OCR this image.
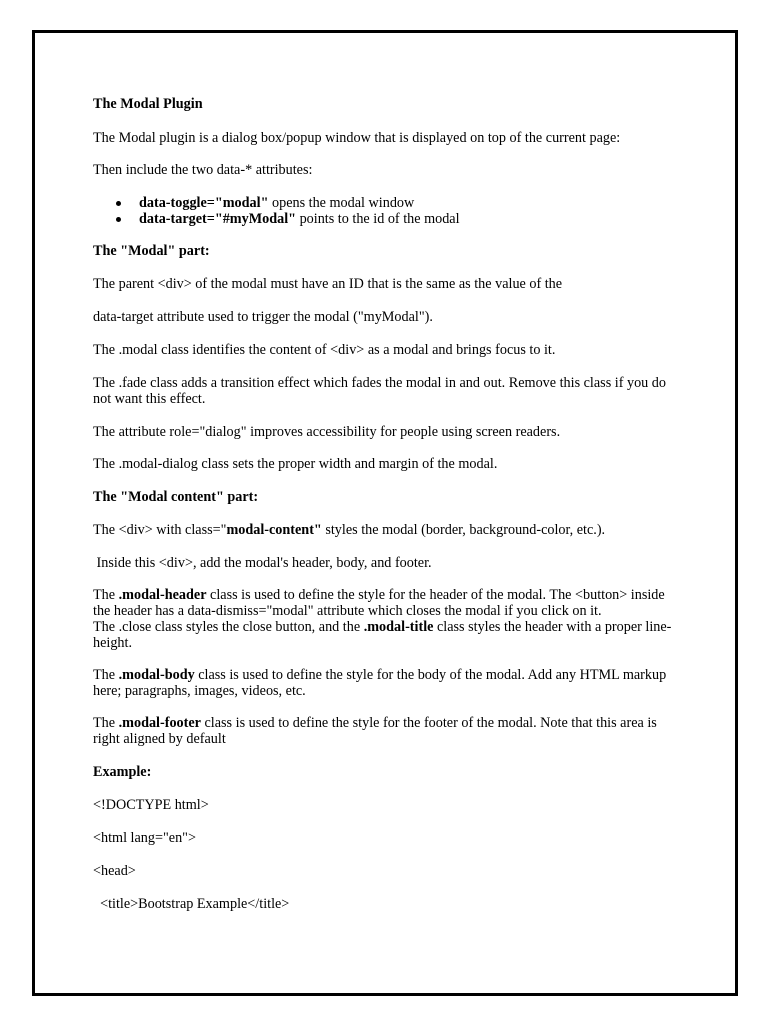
The Modal Plugin
The Modal plugin is a dialog box/popup window that is displayed on top of the current page:
Then include the two data-* attributes:
data-toggle="modal" opens the modal window
data-target="#myModal" points to the id of the modal
The "Modal" part:
The parent <div> of the modal must have an ID that is the same as the value of the
data-target attribute used to trigger the modal ("myModal").
The .modal class identifies the content of <div> as a modal and brings focus to it.
The .fade class adds a transition effect which fades the modal in and out. Remove this class if you do not want this effect.
The attribute role="dialog" improves accessibility for people using screen readers.
The .modal-dialog class sets the proper width and margin of the modal.
The "Modal content" part:
The <div> with class="modal-content" styles the modal (border, background-color, etc.).
Inside this <div>, add the modal's header, body, and footer.
The .modal-header class is used to define the style for the header of the modal. The <button> inside the header has a data-dismiss="modal" attribute which closes the modal if you click on it.
The .close class styles the close button, and the .modal-title class styles the header with a proper line-height.
The .modal-body class is used to define the style for the body of the modal. Add any HTML markup here; paragraphs, images, videos, etc.
The .modal-footer class is used to define the style for the footer of the modal. Note that this area is right aligned by default
Example:
<!DOCTYPE html>
<html lang="en">
<head>
<title>Bootstrap Example</title>
